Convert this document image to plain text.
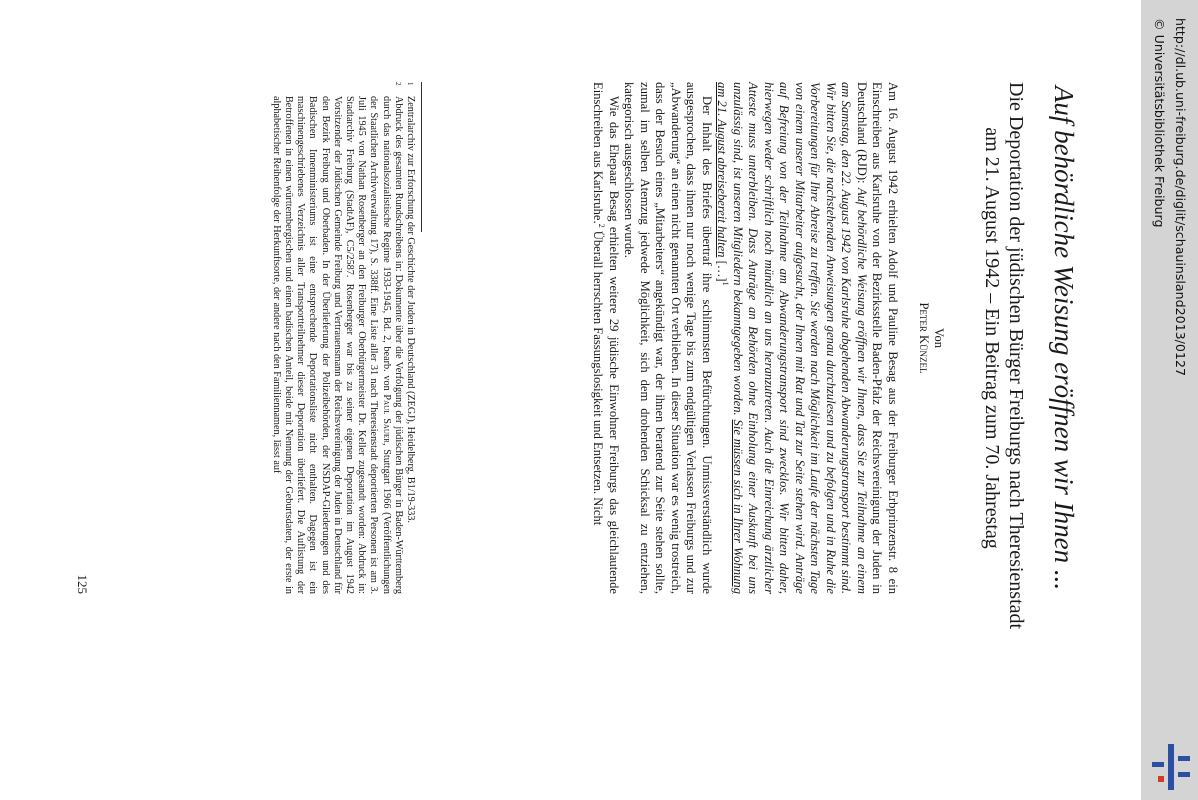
Auf behördliche Weisung eröffnen wir Ihnen ...
Die Deportation der jüdischen Bürger Freiburgs nach Theresienstadt
am 21. August 1942 – Ein Beitrag zum 70. Jahrestag
Von
Peter Künzel

Am 16. August 1942 erhielten Adolf und Pauline Besag aus der Freiburger Erbprinzenstr. 8 ein Einschreiben aus Karlsruhe von der Bezirksstelle Baden-Pfalz der Reichsvereinigung der Juden in Deutschland (RJD): Auf behördliche Weisung eröffnen wir Ihnen, dass Sie zur Teilnahme an einem am Samstag, den 22. August 1942 von Karlsruhe abgehenden Abwanderungstransport bestimmt sind. Wir bitten Sie, die nachstehenden Anweisungen genau durchzulesen und zu befolgen und in Ruhe die Vorbereitungen für Ihre Abreise zu treffen. Sie werden nach Möglichkeit im Laufe der nächsten Tage von einem unserer Mitarbeiter aufgesucht, der Ihnen mit Rat und Tat zur Seite stehen wird. Anträge auf Befreiung von der Teilnahme am Abwanderungstransport sind zwecklos. Wir bitten daher, hierwegen weder schriftlich noch mündlich an uns heranzutreten. Auch die Einreichung ärztlicher Atteste muss unterbleiben. Dass Anträge an Behörden ohne Einholung einer Auskunft bei uns unzulässig sind, ist unseren Mitgliedern bekanntgegeben worden. Sie müssen sich in Ihrer Wohnung am 21. August abreisebereit halten […]$^1$

Der Inhalt des Briefes übertraf ihre schlimmsten Befürchtungen. Unmissverständlich wurde ausgesprochen, dass ihnen nur noch wenige Tage bis zum endgültigen Verlassen Freiburgs und zur „Abwanderung“ an einen nicht genannten Ort verblieben. In dieser Situation war es wenig trostreich, dass der Besuch eines „Mitarbeiters“ angekündigt war, der ihnen beratend zur Seite stehen sollte, zumal im selben Atemzug jedwede Möglichkeit, sich dem drohenden Schicksal zu entziehen, kategorisch ausgeschlossen wurde.

Wie das Ehepaar Besag erhielten weitere 29 jüdische Einwohner Freiburgs das gleichlautende Einschreiben aus Karlsruhe.$^2$ Überall herrschten Fassungslosigkeit und Entsetzen. Nicht

1Zentralarchiv zur Erforschung der Geschichte der Juden in Deutschland (ZEGJ), Heidelberg, B1/19-333.

2Abdruck des gesamten Rundschreibens in: Dokumente über die Verfolgung der jüdischen Bürger in Baden-Württemberg durch das nationalsozialistische Regime 1933-1945, Bd. 2, bearb. von Paul Sauer, Stuttgart 1966 (Veröffentlichungen der Staatlichen Archivverwaltung 17), S. 338ff. Eine Liste aller 31 nach Theresienstadt deportierten Personen ist am 3. Juli 1945 von Nathan Rosenberger an den Freiburger Oberbürgermeister Dr. Keller zugesandt worden: Abdruck in: Stadtarchiv Freiburg (StadtAF), C5/2587. Rosenberger war bis zu seiner eigenen Deportation im August 1942 Vorsitzender der Jüdischen Gemeinde Freiburg und Vertrauensmann der Reichsvereinigung der Juden in Deutschland für den Bezirk Freiburg und Oberbaden. In der Überlieferung der Polizeibehörden, der NSDAP-Gliederungen und des Badischen Innenministeriums ist eine entsprechende Deportationsliste nicht enthalten. Dagegen ist ein maschinengeschriebenes Verzeichnis aller Transportteilnehmer dieser Deportation überliefert. Die Auflistung der Betroffenen in einen württembergischen und einen badischen Anteil, beide mit Nennung der Geburtsdaten, der erste in alphabetischer Reihenfolge der Herkunftsorte, der andere nach den Familiennamen, lässt auf

125
http://dl.ub.uni-freiburg.de/diglit/schauinsland2013/0127
© Universitätsbibliothek Freiburg
